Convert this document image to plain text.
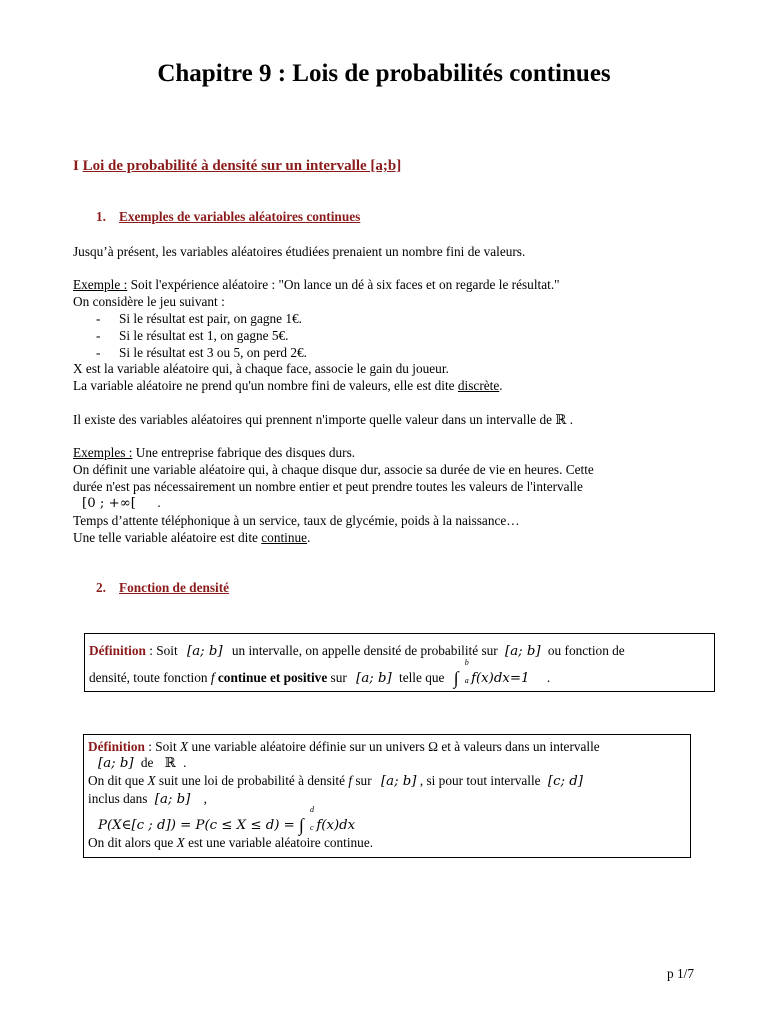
Chapitre 9 : Lois de probabilités continues
I Loi de probabilité à densité sur un intervalle [a;b]
1. Exemples de variables aléatoires continues
Jusqu’à présent, les variables aléatoires étudiées prenaient un nombre fini de valeurs.
Exemple : Soit l'expérience aléatoire : "On lance un dé à six faces et on regarde le résultat."
On considère le jeu suivant :
- Si le résultat est pair, on gagne 1€.
- Si le résultat est 1, on gagne 5€.
- Si le résultat est 3 ou 5, on perd 2€.
X est la variable aléatoire qui, à chaque face, associe le gain du joueur.
La variable aléatoire ne prend qu'un nombre fini de valeurs, elle est dite discrète.
Il existe des variables aléatoires qui prennent n'importe quelle valeur dans un intervalle de ℝ .
Exemples : Une entreprise fabrique des disques durs.
On définit une variable aléatoire qui, à chaque disque dur, associe sa durée de vie en heures. Cette
durée n'est pas nécessairement un nombre entier et peut prendre toutes les valeurs de l'intervalle
[0 ; +∞[ .
Temps d’attente téléphonique à un service, taux de glycémie, poids à la naissance…
Une telle variable aléatoire est dite continue.
2. Fonction de densité
Définition : Soit [a; b] un intervalle, on appelle densité de probabilité sur [a; b] ou fonction de
densité, toute fonction f continue et positive sur [a; b] telle que ∫
b
a f(x)dx=1 .
Définition : Soit X une variable aléatoire définie sur un univers Ω et à valeurs dans un intervalle
[a; b] de ℝ .
On dit que X suit une loi de probabilité à densité f sur [a; b] , si pour tout intervalle [c; d]
inclus dans [a; b] ,
P(X∈[c ; d]) = P(c ≤ X ≤ d) = ∫
d
c f(x)dx
On dit alors que X est une variable aléatoire continue.
p 1/7
